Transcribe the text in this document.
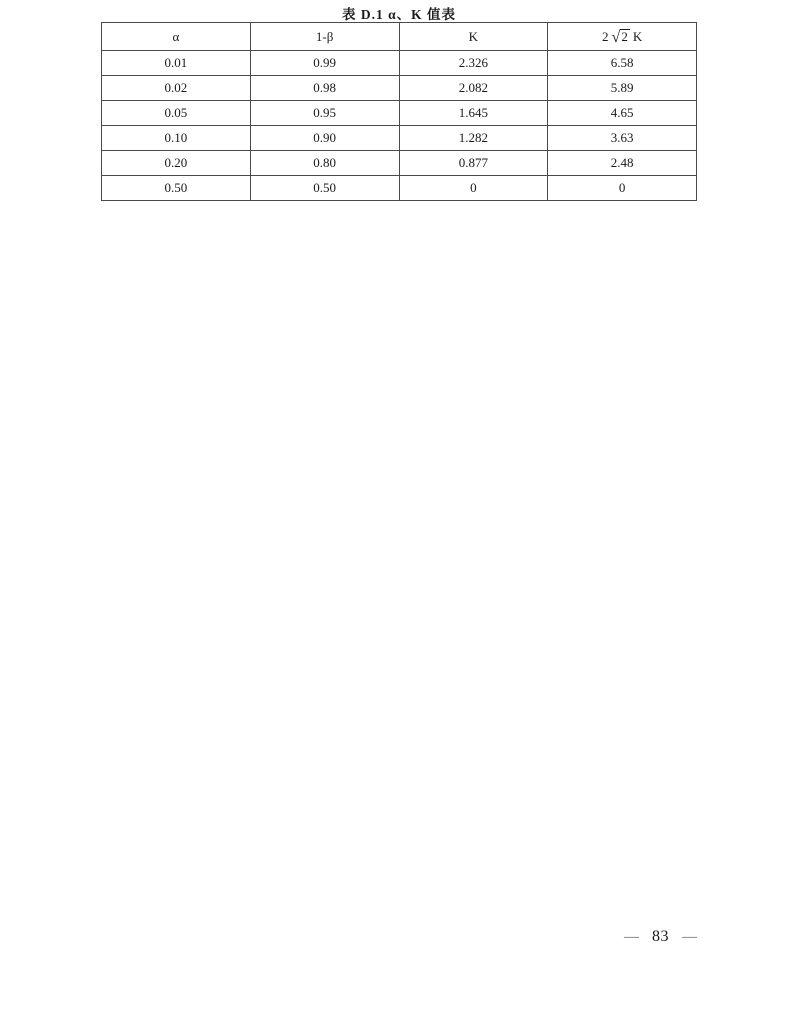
表 D.1 α、K 值表
α	1-β	K	2 √2 K
0.01	0.99	2.326	6.58
0.02	0.98	2.082	5.89
0.05	0.95	1.645	4.65
0.10	0.90	1.282	3.63
0.20	0.80	0.877	2.48
0.50	0.50	0	0
— 83 —
